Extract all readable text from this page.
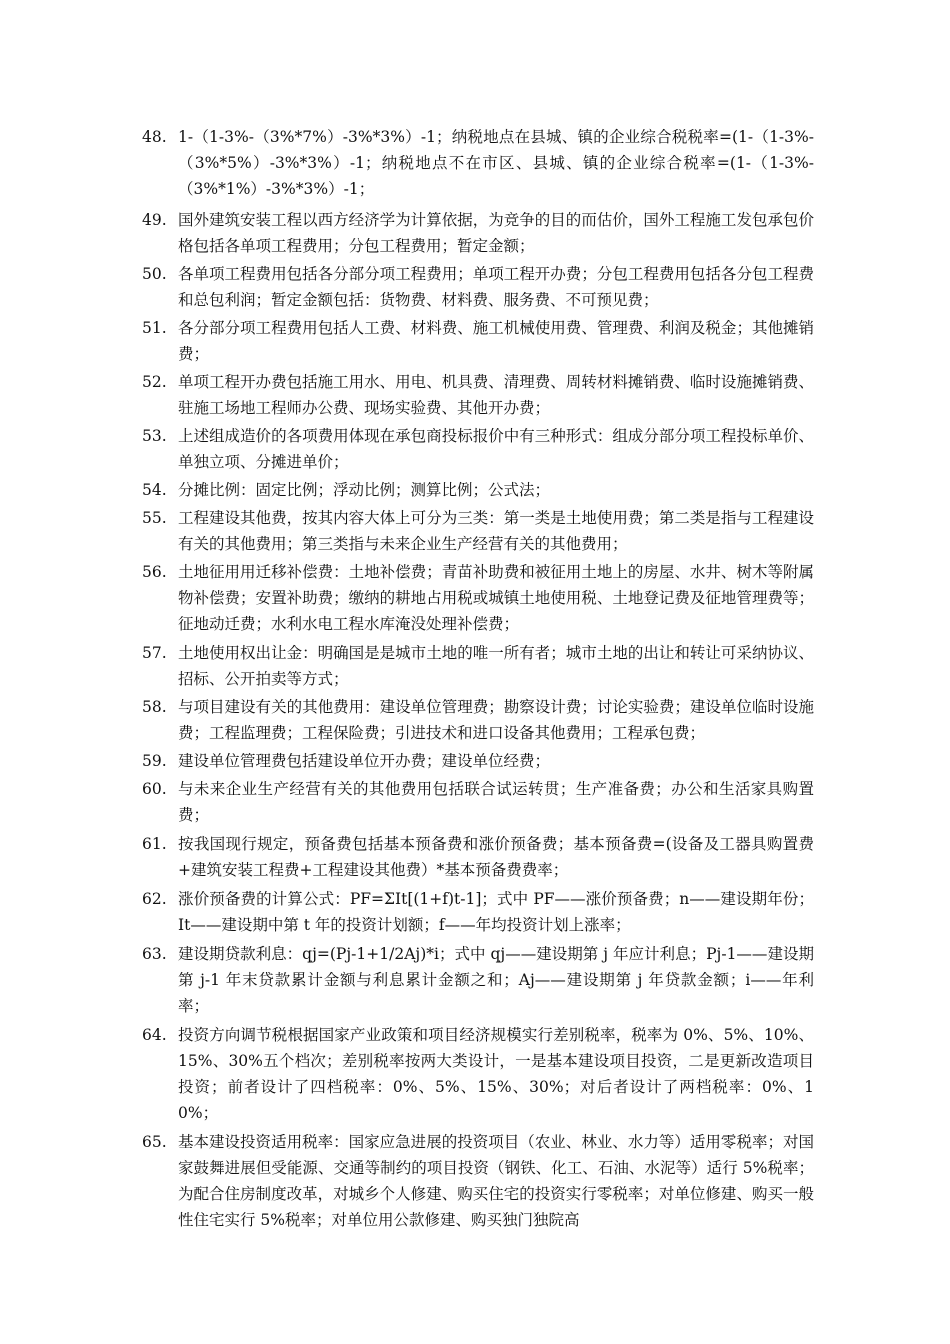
48. 1-（1-3%-（3%*7%）-3%*3%）-1；纳税地点在县城、镇的企业综合税税率=(1-（1-3%-（3%*5%）-3%*3%）-1；纳税地点不在市区、县城、镇的企业综合税率=(1-（1-3%-（3%*1%）-3%*3%）-1；
49. 国外建筑安装工程以西方经济学为计算依据，为竞争的目的而估价，国外工程施工发包承包价格包括各单项工程费用；分包工程费用；暂定金额；
50. 各单项工程费用包括各分部分项工程费用；单项工程开办费；分包工程费用包括各分包工程费和总包利润；暂定金额包括：货物费、材料费、服务费、不可预见费；
51. 各分部分项工程费用包括人工费、材料费、施工机械使用费、管理费、利润及税金；其他摊销费；
52. 单项工程开办费包括施工用水、用电、机具费、清理费、周转材料摊销费、临时设施摊销费、驻施工场地工程师办公费、现场实验费、其他开办费；
53. 上述组成造价的各项费用体现在承包商投标报价中有三种形式：组成分部分项工程投标单价、单独立项、分摊进单价；
54. 分摊比例：固定比例；浮动比例；测算比例；公式法；
55. 工程建设其他费，按其内容大体上可分为三类：第一类是土地使用费；第二类是指与工程建设有关的其他费用；第三类指与未来企业生产经营有关的其他费用；
56. 土地征用用迁移补偿费：土地补偿费；青苗补助费和被征用土地上的房屋、水井、树木等附属物补偿费；安置补助费；缴纳的耕地占用税或城镇土地使用税、土地登记费及征地管理费等；征地动迁费；水利水电工程水库淹没处理补偿费；
57. 土地使用权出让金：明确国是是城市土地的唯一所有者；城市土地的出让和转让可采纳协议、招标、公开拍卖等方式；
58. 与项目建设有关的其他费用：建设单位管理费；勘察设计费；讨论实验费；建设单位临时设施费；工程监理费；工程保险费；引进技术和进口设备其他费用；工程承包费；
59. 建设单位管理费包括建设单位开办费；建设单位经费；
60. 与未来企业生产经营有关的其他费用包括联合试运转贯；生产准备费；办公和生活家具购置费；
61. 按我国现行规定，预备费包括基本预备费和涨价预备费；基本预备费=(设备及工器具购置费+建筑安装工程费+工程建设其他费）*基本预备费费率；
62. 涨价预备费的计算公式：PF=ΣIt[(1+f)t-1]；式中 PF——涨价预备费；n——建设期年份；It——建设期中第 t 年的投资计划额；f——年均投资计划上涨率；
63. 建设期贷款利息：qj=(Pj-1+1/2Aj)*i；式中 qj——建设期第 j 年应计利息；Pj-1——建设期第 j-1 年末贷款累计金额与利息累计金额之和；Aj——建设期第 j 年贷款金额；i——年利率；
64. 投资方向调节税根据国家产业政策和项目经济规模实行差别税率，税率为 0%、5%、10%、15%、30%五个档次；差别税率按两大类设计，一是基本建设项目投资，二是更新改造项目投资；前者设计了四档税率：0%、5%、15%、30%；对后者设计了两档税率：0%、10%；
65. 基本建设投资适用税率：国家应急进展的投资项目（农业、林业、水力等）适用零税率；对国家鼓舞进展但受能源、交通等制约的项目投资（钢铁、化工、石油、水泥等）适行 5%税率；为配合住房制度改革，对城乡个人修建、购买住宅的投资实行零税率；对单位修建、购买一般性住宅实行 5%税率；对单位用公款修建、购买独门独院高
